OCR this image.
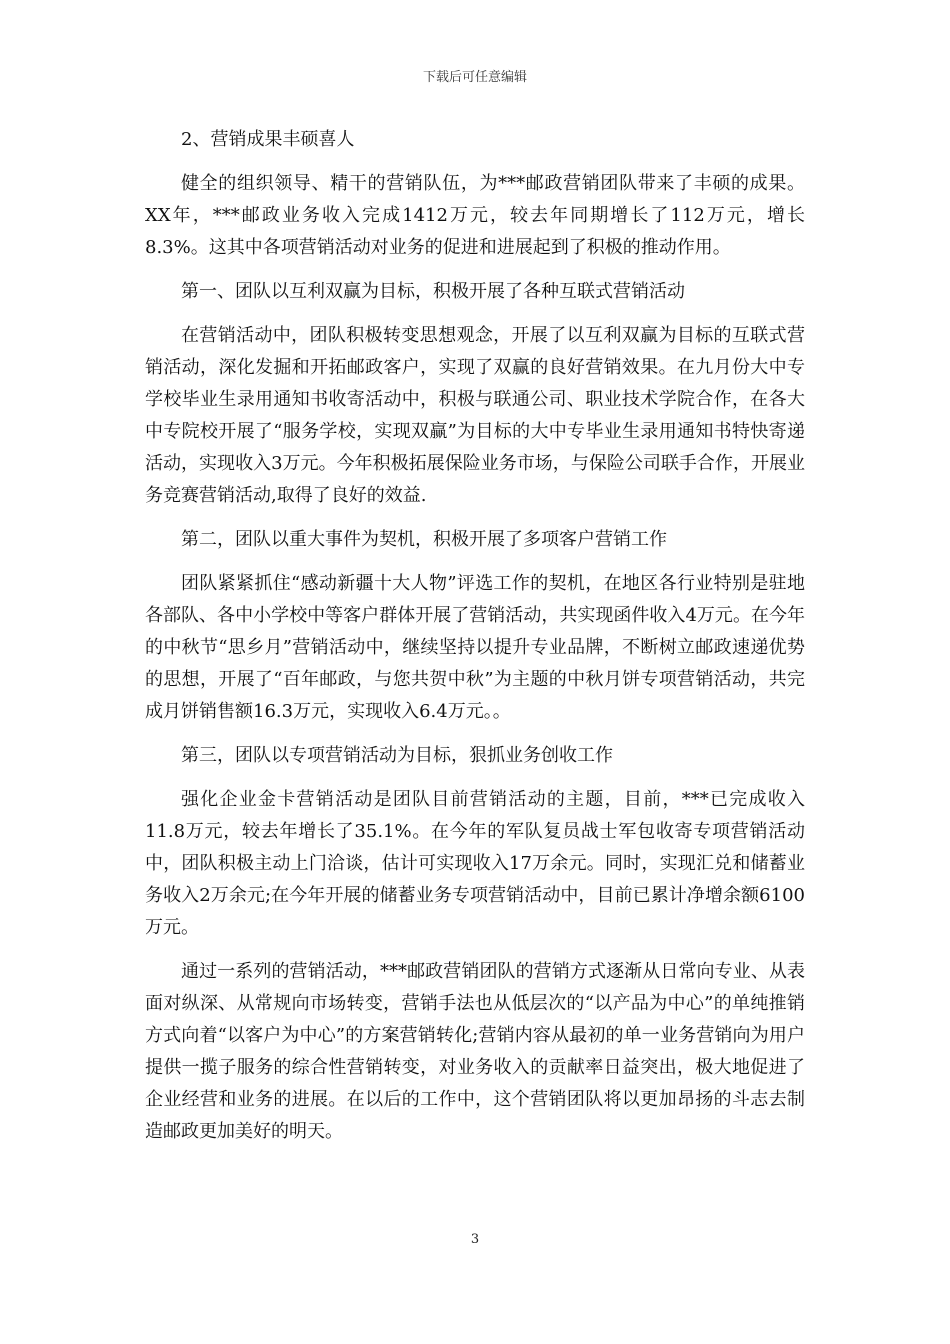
下载后可任意编辑
2、营销成果丰硕喜人

健全的组织领导、精干的营销队伍，为***邮政营销团队带来了丰硕的成果。XX年，***邮政业务收入完成1412万元，较去年同期增长了112万元，增长8.3%。这其中各项营销活动对业务的促进和进展起到了积极的推动作用。

第一、团队以互利双赢为目标，积极开展了各种互联式营销活动

在营销活动中，团队积极转变思想观念，开展了以互利双赢为目标的互联式营销活动，深化发掘和开拓邮政客户，实现了双赢的良好营销效果。在九月份大中专学校毕业生录用通知书收寄活动中，积极与联通公司、职业技术学院合作，在各大中专院校开展了“服务学校，实现双赢”为目标的大中专毕业生录用通知书特快寄递活动，实现收入3万元。今年积极拓展保险业务市场，与保险公司联手合作，开展业务竞赛营销活动,取得了良好的效益.

第二，团队以重大事件为契机，积极开展了多项客户营销工作

团队紧紧抓住“感动新疆十大人物”评选工作的契机，在地区各行业特别是驻地各部队、各中小学校中等客户群体开展了营销活动，共实现函件收入4万元。在今年的中秋节“思乡月”营销活动中，继续坚持以提升专业品牌，不断树立邮政速递优势的思想，开展了“百年邮政，与您共贺中秋”为主题的中秋月饼专项营销活动，共完成月饼销售额16.3万元，实现收入6.4万元。。

第三，团队以专项营销活动为目标，狠抓业务创收工作

强化企业金卡营销活动是团队目前营销活动的主题，目前，***已完成收入11.8万元，较去年增长了35.1%。在今年的军队复员战士军包收寄专项营销活动中，团队积极主动上门洽谈，估计可实现收入17万余元。同时，实现汇兑和储蓄业务收入2万余元;在今年开展的储蓄业务专项营销活动中，目前已累计净增余额6100万元。

通过一系列的营销活动，***邮政营销团队的营销方式逐渐从日常向专业、从表面对纵深、从常规向市场转变，营销手法也从低层次的“以产品为中心”的单纯推销方式向着“以客户为中心”的方案营销转化;营销内容从最初的单一业务营销向为用户提供一揽子服务的综合性营销转变，对业务收入的贡献率日益突出，极大地促进了企业经营和业务的进展。在以后的工作中，这个营销团队将以更加昂扬的斗志去制造邮政更加美好的明天。

3
